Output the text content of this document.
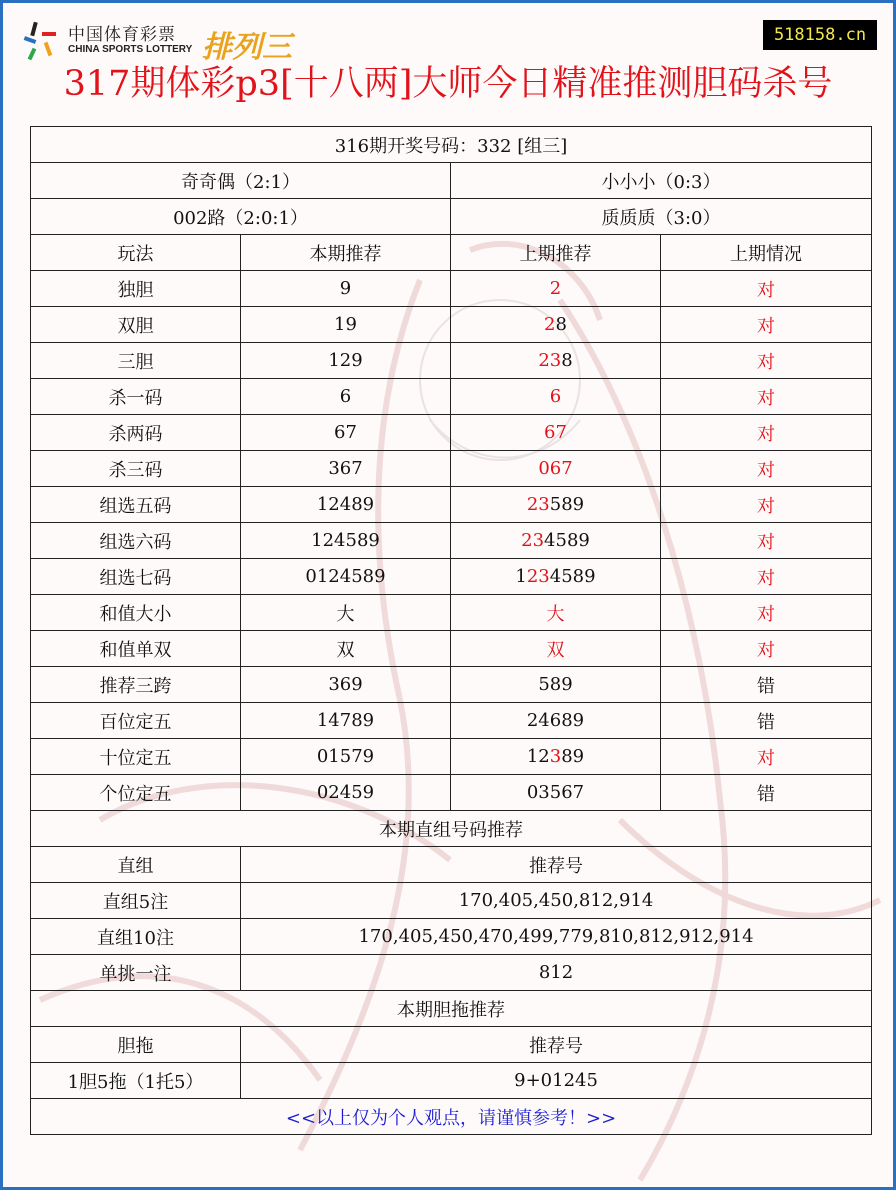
中国体育彩票
CHINA SPORTS LOTTERY 排列三	518158.cn
317期体彩p3[十八两]大师今日精准推测胆码杀号
316期开奖号码：332 [组三]			
奇奇偶（2:1）		小小小（0:3）	
002路（2:0:1）		质质质（3:0）	
玩法	本期推荐	上期推荐	上期情况
独胆	9	2	对
双胆	19	28	对
三胆	129	238	对
杀一码	6	6	对
杀两码	67	67	对
杀三码	367	067	对
组选五码	12489	23589	对
组选六码	124589	234589	对
组选七码	0124589	1234589	对
和值大小	大	大	对
和值单双	双	双	对
推荐三跨	369	589	错
百位定五	14789	24689	错
十位定五	01579	12389	对
个位定五	02459	03567	错
本期直组号码推荐			
直组	推荐号		
直组5注	170,405,450,812,914		
直组10注	170,405,450,470,499,779,810,812,912,914		
单挑一注	812		
本期胆拖推荐			
胆拖	推荐号		
1胆5拖（1托5）	9+01245		
<<以上仅为个人观点，请谨慎参考！>>			
